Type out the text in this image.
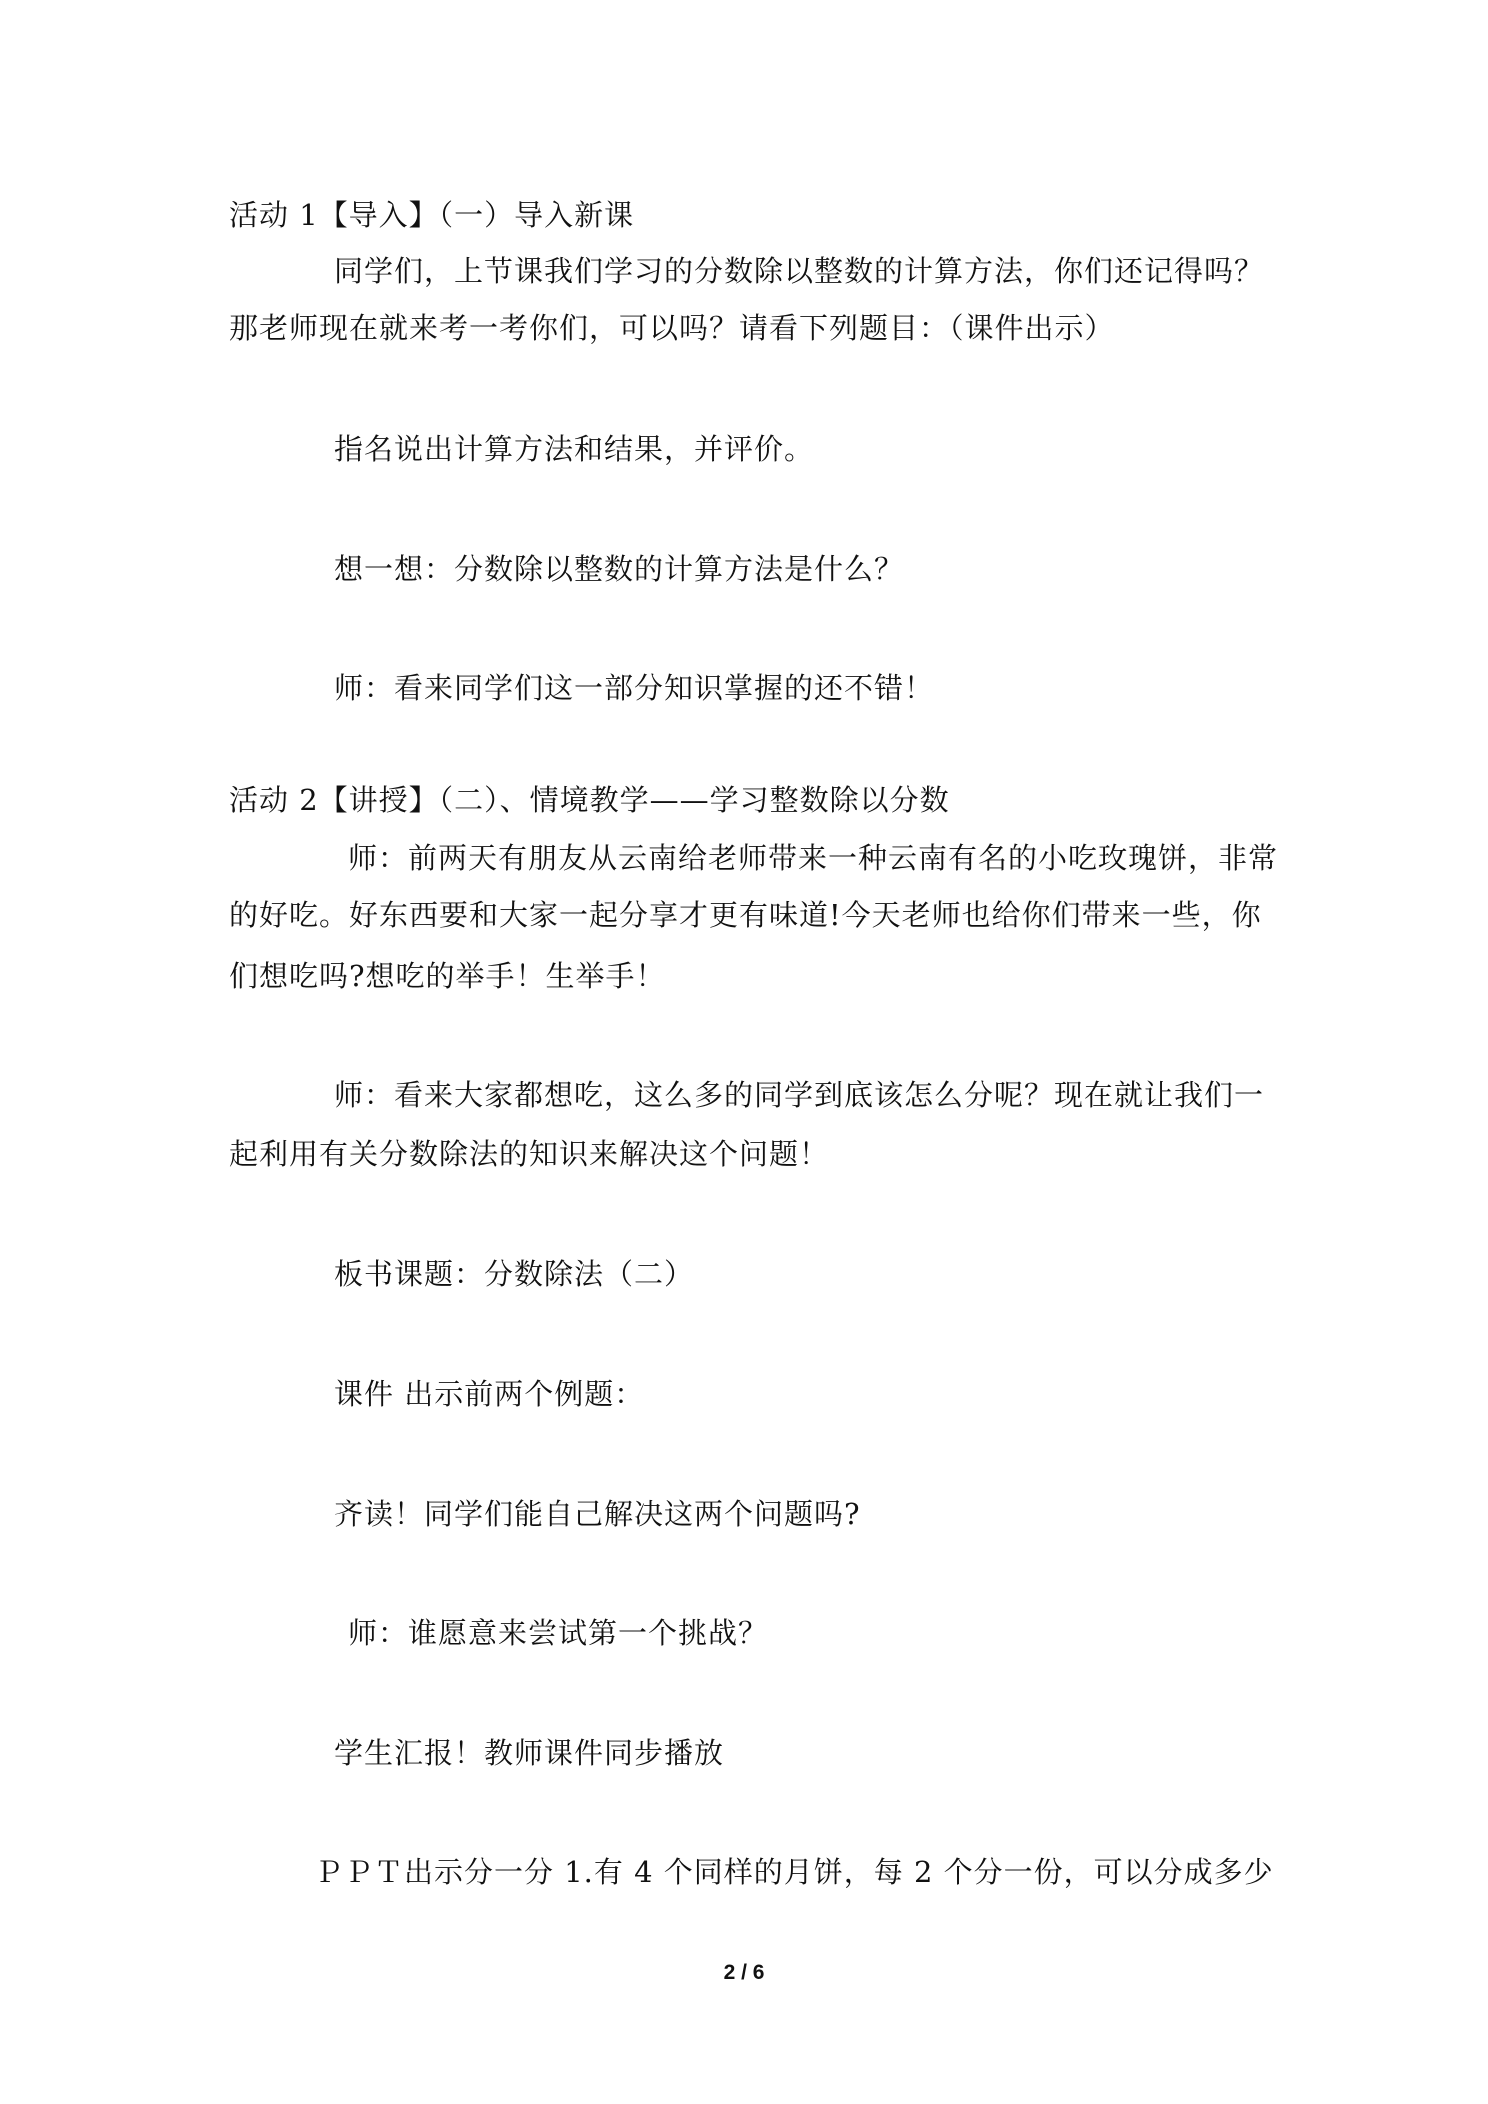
活动 1【导入】（一）导入新课
同学们，上节课我们学习的分数除以整数的计算方法，你们还记得吗？
那老师现在就来考一考你们，可以吗？请看下列题目：（课件出示）
指名说出计算方法和结果，并评价。
想一想：分数除以整数的计算方法是什么？
师：看来同学们这一部分知识掌握的还不错！
活动 2【讲授】（二）、情境教学——学习整数除以分数
师：前两天有朋友从云南给老师带来一种云南有名的小吃玫瑰饼，非常
的好吃。好东西要和大家一起分享才更有味道!今天老师也给你们带来一些，你
们想吃吗?想吃的举手！生举手！
师：看来大家都想吃，这么多的同学到底该怎么分呢？现在就让我们一
起利用有关分数除法的知识来解决这个问题！
板书课题：分数除法（二）
课件 出示前两个例题：
齐读！同学们能自己解决这两个问题吗?
师：谁愿意来尝试第一个挑战？
学生汇报！教师课件同步播放
ＰＰＴ出示分一分 1.有 4 个同样的月饼，每 2 个分一份，可以分成多少
2 / 6
